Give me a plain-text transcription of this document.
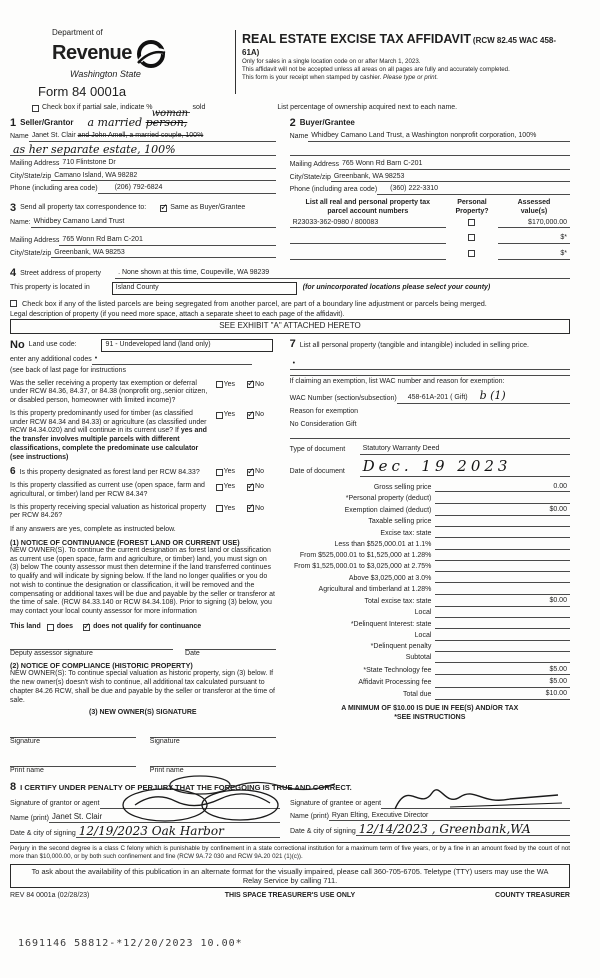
Department of
Revenue
Washington State
Form 84 0001a
REAL ESTATE EXCISE TAX AFFIDAVIT (RCW 82.45 WAC 458-61A)
Only for sales in a single location code on or after March 1, 2023.
This affidavit will not be accepted unless all areas on all pages are fully and accurately completed.
This form is your receipt when stamped by cashier. Please type or print.
Check box if partial sale, indicate %	sold	List percentage of ownership acquired next to each name.
1 Seller/Grantor a married
woman
person,
Name Janet St. Clair and John Amell, a married couple, 100%
as her separate estate, 100%
Mailing Address 710 Flintstone Dr
City/State/zip Camano Island, WA 98282
Phone (including area code)	(206) 792-6824
3 Send all property tax correspondence to: ✓	Same as Buyer/Grantee
Name: Whidbey Camano Land Trust
Mailing Address 765 Wonn Rd Barn C-201
City/State/zip Greenbank, WA 98253
2 Buyer/Grantee
Name Whidbey Camano Land Trust, a Washington nonprofit corporation, 100%
Mailing Address 765 Wonn Rd Barn C-201
City/State/zip Greenbank, WA 98253
Phone (including area code)	(360) 222-3310
List all real and personal property tax
parcel account numbers
Personal
Property?
Assessed
value(s)
R23033-362-0980 / 800083	$170,000.00
$*
$*
4 Street address of property	. None shown at this time, Coupeville, WA 98239
This property is located in	Island County	(for unincorporated locations please select your county)
Check box if any of the listed parcels are being segregated from another parcel, are part of a boundary line adjustment or parcels being merged.
Legal description of property (if you need more space, attach a separate sheet to each page of the affidavit).
SEE EXHIBIT "A" ATTACHED HERETO
No Land use code:	91 - Undeveloped land (land only)
enter any additional codes •
(see back of last page for instructions
Was the seller receiving a property tax exemption or deferral under RCW 84.36, 84.37, or 84.38 (nonprofit org.,senior citizen, or disabled person, homeowner with limited income)?
Yes ✓	No
Is this property predominantly used for timber (as classified under RCW 84.34 and 84.33) or agriculture (as classified under RCW 84.34.020) and will continue in its current use? If yes and the transfer involves multiple parcels with different classifications, complete the predominate use calculator (see instructions)
Yes ✓	No
6 Is this property designated as forest land per RCW 84.33?	Yes ✓	No
Is this property classified as current use (open space, farm and agricultural, or timber) land per RCW 84.34?
Yes ✓	No
Is this property receiving special valuation as historical property per RCW 84.26?
Yes ✓	No
If any answers are yes, complete as instructed below.
(1) NOTICE OF CONTINUANCE (FOREST LAND OR CURRENT USE)
NEW OWNER(S). To continue the current designation as forest land or classification as current use (open space, farm and agriculture, or timber) land, you must sign on (3) below The county assessor must then determine if the land transferred continues to qualify and will indicate by signing below. If the land no longer qualifies or you do not wish to continue the designation or classification, it will be removed and the compensating or additional taxes will be due and payable by the seller or transferor at the time of sale. (RCW 84.33.140 or RCW 84.34.108). Prior to signing (3) below, you may contact your local county assessor for more information
This land does ✓	does not qualify for continuance
Deputy assessor signature	Date
(2) NOTICE OF COMPLIANCE (HISTORIC PROPERTY)
NEW OWNER(S): To continue special valuation as historic property, sign (3) below. If the new owner(s) doesn't wish to continue, all additional tax calculated pursuant to chapter 84.26 RCW, shall be due and payable by the seller or transferor at the time of sale.
(3) NEW OWNER(S) SIGNATURE
Signature	Signature
Print name	Print name
7 List all personal property (tangible and intangible) included in selling price.
•
If claiming an exemption, list WAC number and reason for exemption:
WAC Number (section/subsection)	458-61A-201 ( Gift) b (1)
Reason for exemption
No Consideration Gift
Type of document	Statutory Warranty Deed
Date of document	Dec. 19 2023
Gross selling price	0.00
*Personal property (deduct)
Exemption claimed (deduct)	$0.00
Taxable selling price
Excise tax: state
Less than $525,000.01 at 1.1%
From $525,000.01 to $1,525,000 at 1.28%
From $1,525,000.01 to $3,025,000 at 2.75%
Above $3,025,000 at 3.0%
Agricultural and timberland at 1.28%
Total excise tax: state	$0.00
Local
*Delinquent Interest: state
Local
*Delinquent penalty
Subtotal
*State Technology fee	$5.00
Affidavit Processing fee	$5.00
Total due	$10.00
A MINIMUM OF $10.00 IS DUE IN FEE(S) AND/OR TAX
*SEE INSTRUCTIONS
8 I CERTIFY UNDER PENALTY OF PERJURY THAT THE FOREGOING IS TRUE AND CORRECT.
Signature of grantor or agent
Name (print) Janet St. Clair
Date & city of signing 12/19/2023 Oak Harbor
Signature of grantee or agent
Name (print) Ryan Elting, Executive Director
Date & city of signing 12/14/2023 , Greenbank,WA
Perjury in the second degree is a class C felony which is punishable by confinement in a state correctional institution for a maximum term of five years, or by a fine in an amount fixed by the court of not more than $10,000.00, or by both such confinement and fine (RCW 9A.72 030 and RCW 9A.20 021 (1)(c)).
To ask about the availability of this publication in an alternate format for the visually impaired, please call 360-705-6705. Teletype (TTY) users may use the WA Relay Service by calling 711.
REV 84 0001a (02/28/23)	THIS SPACE TREASURER'S USE ONLY	COUNTY TREASURER
1691146 58812-*12/20/2023 10.00*
